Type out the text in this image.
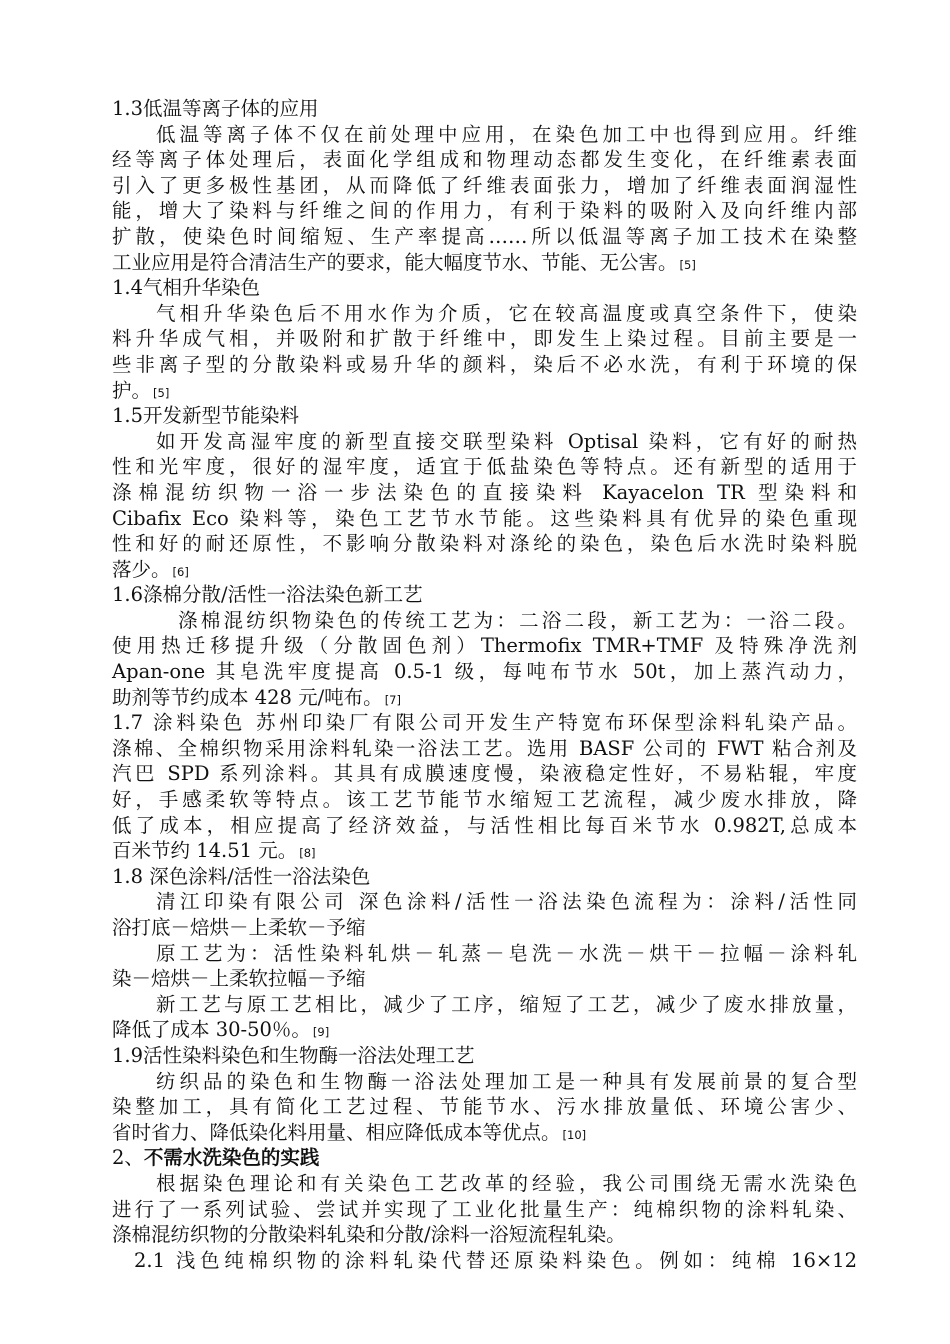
1.3低温等离子体的应用
低温等离子体不仅在前处理中应用，在染色加工中也得到应用。纤维
经等离子体处理后，表面化学组成和物理动态都发生变化，在纤维素表面
引入了更多极性基团，从而降低了纤维表面张力，增加了纤维表面润湿性
能，增大了染料与纤维之间的作用力，有利于染料的吸附入及向纤维内部
扩散，使染色时间缩短、生产率提高……所以低温等离子加工技术在染整
工业应用是符合清洁生产的要求，能大幅度节水、节能、无公害。 [5]
1.4气相升华染色
气相升华染色后不用水作为介质，它在较高温度或真空条件下，使染
料升华成气相，并吸附和扩散于纤维中，即发生上染过程。目前主要是一
些非离子型的分散染料或易升华的颜料，染后不必水洗，有利于环境的保
护。 [5]
1.5开发新型节能染料
如开发高湿牢度的新型直接交联型染料 Optisal 染料，它有好的耐热
性和光牢度，很好的湿牢度，适宜于低盐染色等特点。还有新型的适用于
涤棉混纺织物一浴一步法染色的直接染料 Kayacelon TR 型染料和
Cibafix Eco 染料等，染色工艺节水节能。这些染料具有优异的染色重现
性和好的耐还原性，不影响分散染料对涤纶的染色，染色后水洗时染料脱
落少。 [6]
1.6涤棉分散/活性一浴法染色新工艺
涤棉混纺织物染色的传统工艺为：二浴二段，新工艺为：一浴二段。
使用热迁移提升级（分散固色剂）Thermofix TMR+TMF 及特殊净洗剂
Apan-one 其皂洗牢度提高 0.5-1 级，每吨布节水 50t，加上蒸汽动力，
助剂等节约成本 428 元/吨布。 [7]
1.7 涂料染色 苏州印染厂有限公司开发生产特宽布环保型涂料轧染产品。
涤棉、全棉织物采用涂料轧染一浴法工艺。选用 BASF 公司的 FWT 粘合剂及
汽巴 SPD 系列涂料。其具有成膜速度慢，染液稳定性好，不易粘辊，牢度
好，手感柔软等特点。该工艺节能节水缩短工艺流程，减少废水排放，降
低了成本，相应提高了经济效益，与活性相比每百米节水 0.982T,总成本
百米节约 14.51 元。 [8]
1.8 深色涂料/活性一浴法染色
清江印染有限公司 深色涂料/活性一浴法染色流程为：涂料/活性同
浴打底－焙烘－上柔软－予缩
原工艺为：活性染料轧烘－轧蒸－皂洗－水洗－烘干－拉幅－涂料轧
染－焙烘－上柔软拉幅－予缩
新工艺与原工艺相比，减少了工序，缩短了工艺，减少了废水排放量，
降低了成本 30-50％。 [9]
1.9活性染料染色和生物酶一浴法处理工艺
纺织品的染色和生物酶一浴法处理加工是一种具有发展前景的复合型
染整加工，具有简化工艺过程、节能节水、污水排放量低、环境公害少、
省时省力、降低染化料用量、相应降低成本等优点。 [10]
2、不需水洗染色的实践
根据染色理论和有关染色工艺改革的经验，我公司围绕无需水洗染色
进行了一系列试验、尝试并实现了工业化批量生产：纯棉织物的涂料轧染、
涤棉混纺织物的分散染料轧染和分散/涂料一浴短流程轧染。
2.1 浅色纯棉织物的涂料轧染代替还原染料染色。例如：纯棉 16×12
